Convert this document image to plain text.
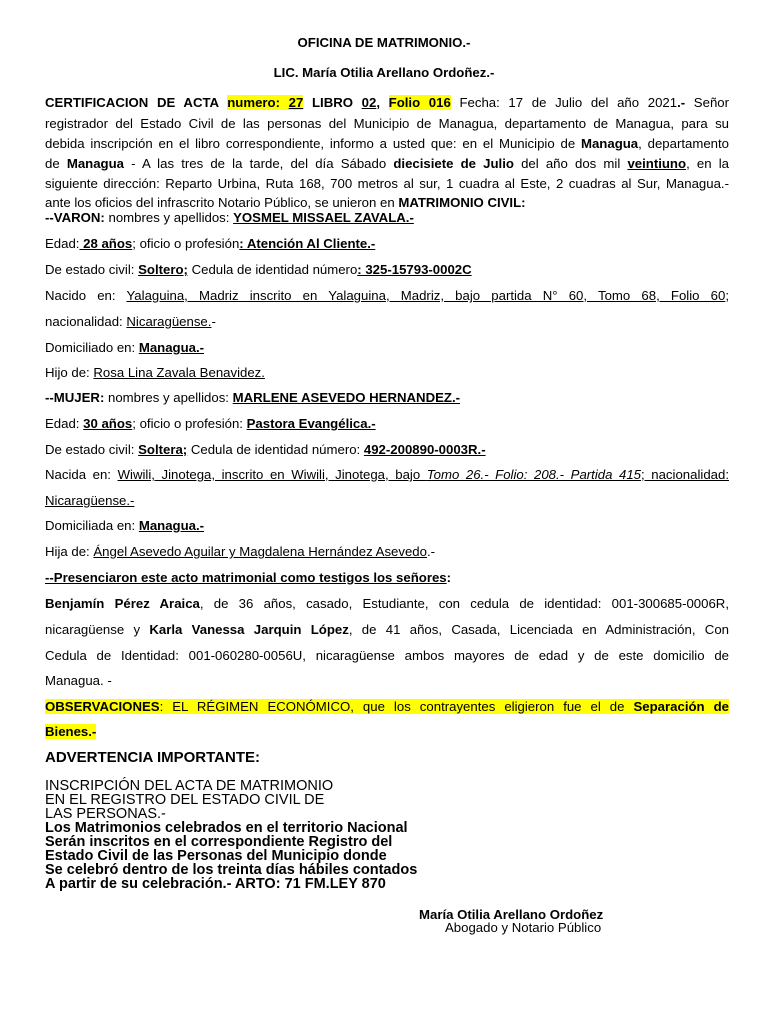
OFICINA DE MATRIMONIO.-
LIC. María Otilia Arellano Ordoñez.-
CERTIFICACION DE ACTA numero: 27 LIBRO 02, Folio 016 Fecha: 17 de Julio del año 2021.- Señor
registrador del Estado Civil de las personas del Municipio de Managua, departamento de Managua, para su
debida inscripción en el libro correspondiente, informo a usted que: en el Municipio de Managua, departamento
de Managua - A las tres de la tarde, del día Sábado diecisiete de Julio del año dos mil veintiuno, en la
siguiente dirección: Reparto Urbina, Ruta 168, 700 metros al sur, 1 cuadra al Este, 2 cuadras al Sur, Managua.-
ante los oficios del infrascrito Notario Público, se unieron en MATRIMONIO CIVIL:
--VARON: nombres y apellidos: YOSMEL MISSAEL ZAVALA.-
Edad: 28 años; oficio o profesión: Atención Al Cliente.-
De estado civil: Soltero; Cedula de identidad número: 325-15793-0002C
Nacido en: Yalaguina, Madriz inscrito en Yalaguina, Madriz, bajo partida N° 60, Tomo 68, Folio 60;
nacionalidad: Nicaragüense.-
Domiciliado en: Managua.-
Hijo de: Rosa Lina Zavala Benavidez.
--MUJER: nombres y apellidos: MARLENE ASEVEDO HERNANDEZ.-
Edad: 30 años; oficio o profesión: Pastora Evangélica.-
De estado civil: Soltera; Cedula de identidad número: 492-200890-0003R.-
Nacida en: Wiwili, Jinotega, inscrito en Wiwili, Jinotega, bajo Tomo 26.- Folio: 208.- Partida 415; nacionalidad:
Nicaragüense.-
Domiciliada en: Managua.-
Hija de: Ángel Asevedo Aguilar y Magdalena Hernández Asevedo.-
--Presenciaron este acto matrimonial como testigos los señores:
Benjamín Pérez Araica, de 36 años, casado, Estudiante, con cedula de identidad: 001-300685-0006R,
nicaragüense y Karla Vanessa Jarquin López, de 41 años, Casada, Licenciada en Administración, Con
Cedula de Identidad: 001-060280-0056U, nicaragüense ambos mayores de edad y de este domicilio de
Managua. -
OBSERVACIONES: EL RÉGIMEN ECONÓMICO, que los contrayentes eligieron fue el de Separación de
Bienes.-
ADVERTENCIA IMPORTANTE:
INSCRIPCIÓN DEL ACTA DE MATRIMONIO
EN EL REGISTRO DEL ESTADO CIVIL DE
LAS PERSONAS.-
Los Matrimonios celebrados en el territorio Nacional
Serán inscritos en el correspondiente Registro del
Estado Civil de las Personas del Municipio donde
Se celebró dentro de los treinta días hábiles contados
A partir de su celebración.- ARTO: 71 FM.LEY 870
María Otilia Arellano Ordoñez
Abogado y Notario Público
